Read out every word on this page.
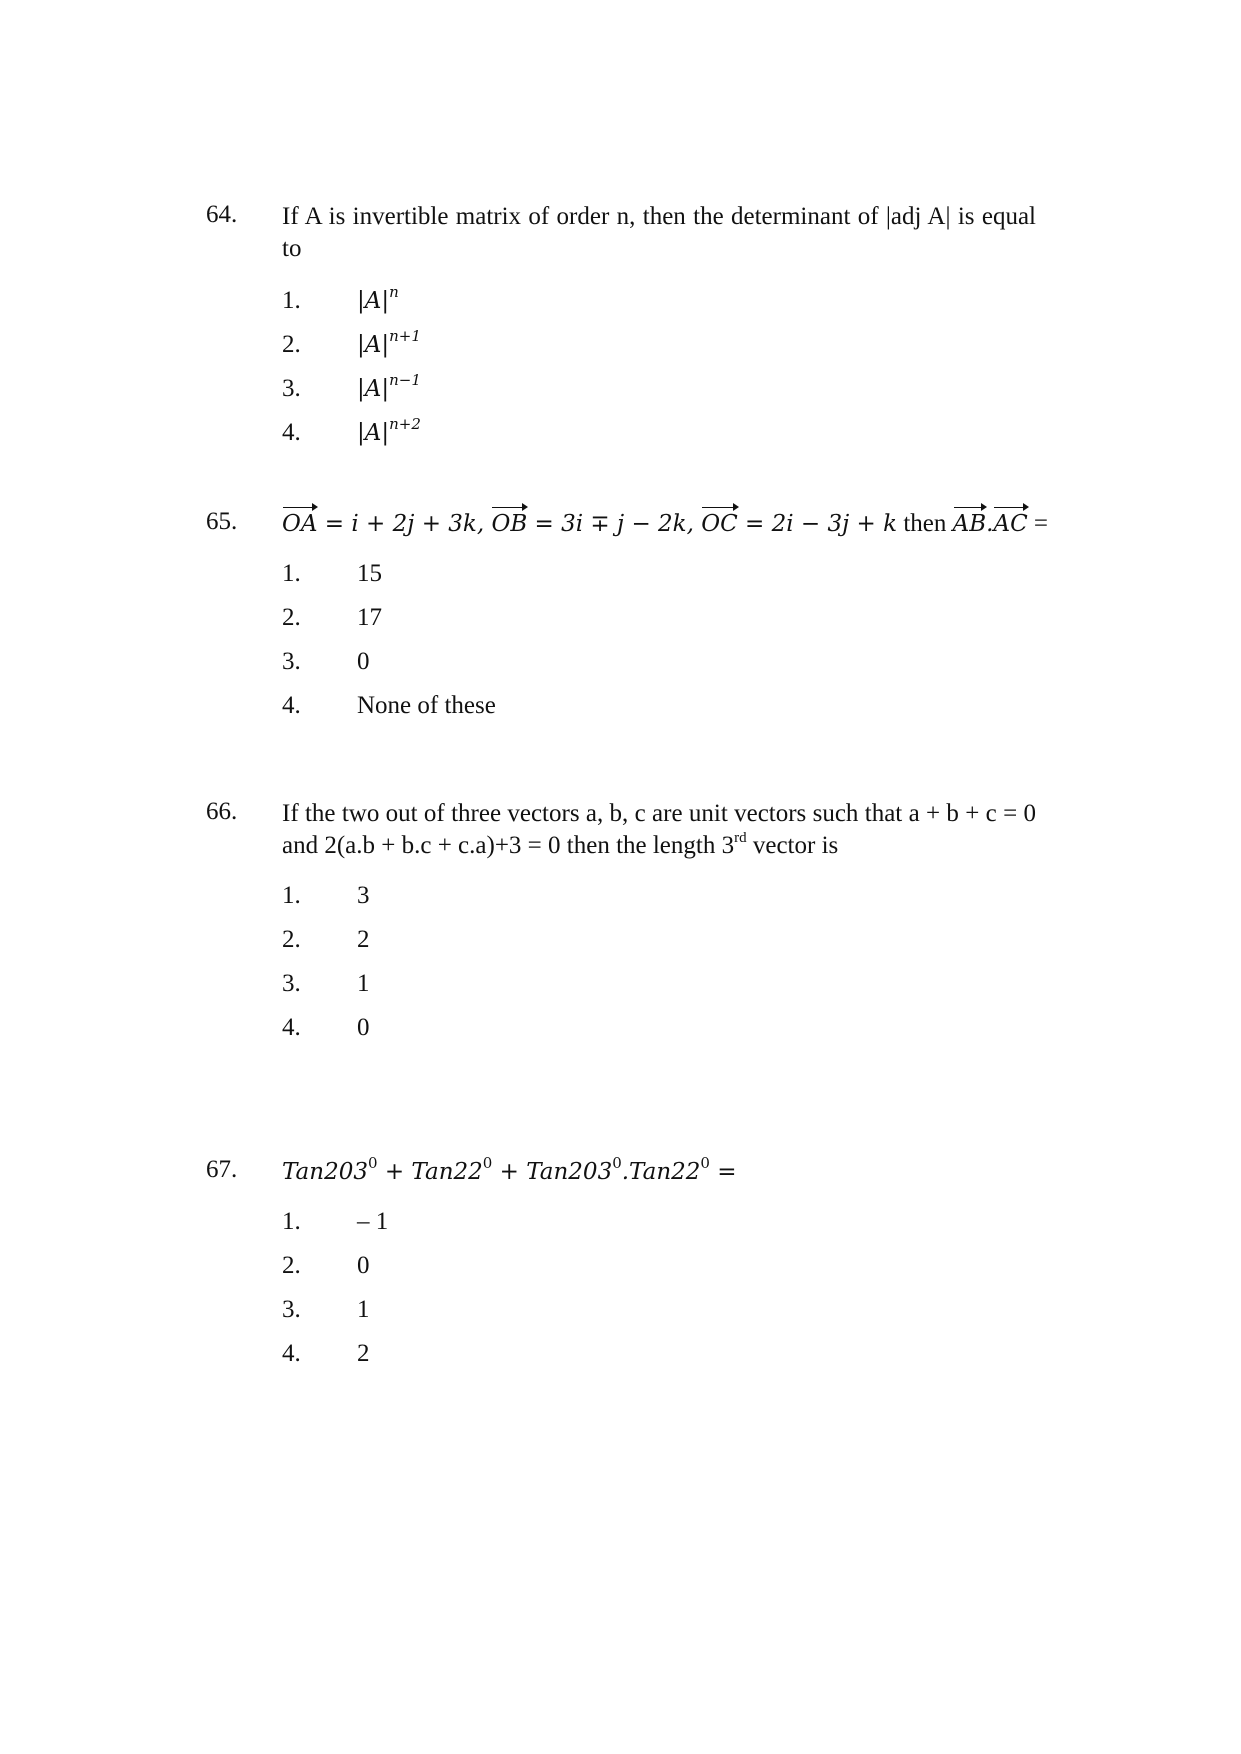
64. If A is invertible matrix of order n, then the determinant of |adj A| is equal to
1. $|A|^n$
2. $|A|^{n+1}$
3. $|A|^{n-1}$
4. $|A|^{n+2}$
65. OA = i + 2j + 3k, OB = 3i ∓ j − 2k, OC = 2i − 3j + k then AB.AC =
1. 15
2. 17
3. 0
4. None of these
66. If the two out of three vectors a, b, c are unit vectors such that a + b + c = 0 and 2(a.b + b.c + c.a)+3 = 0 then the length 3rd vector is
1. 3
2. 2
3. 1
4. 0
67. $Tan203^0 + Tan22^0 + Tan203^0.Tan22^0$ =
1. – 1
2. 0
3. 1
4. 2
